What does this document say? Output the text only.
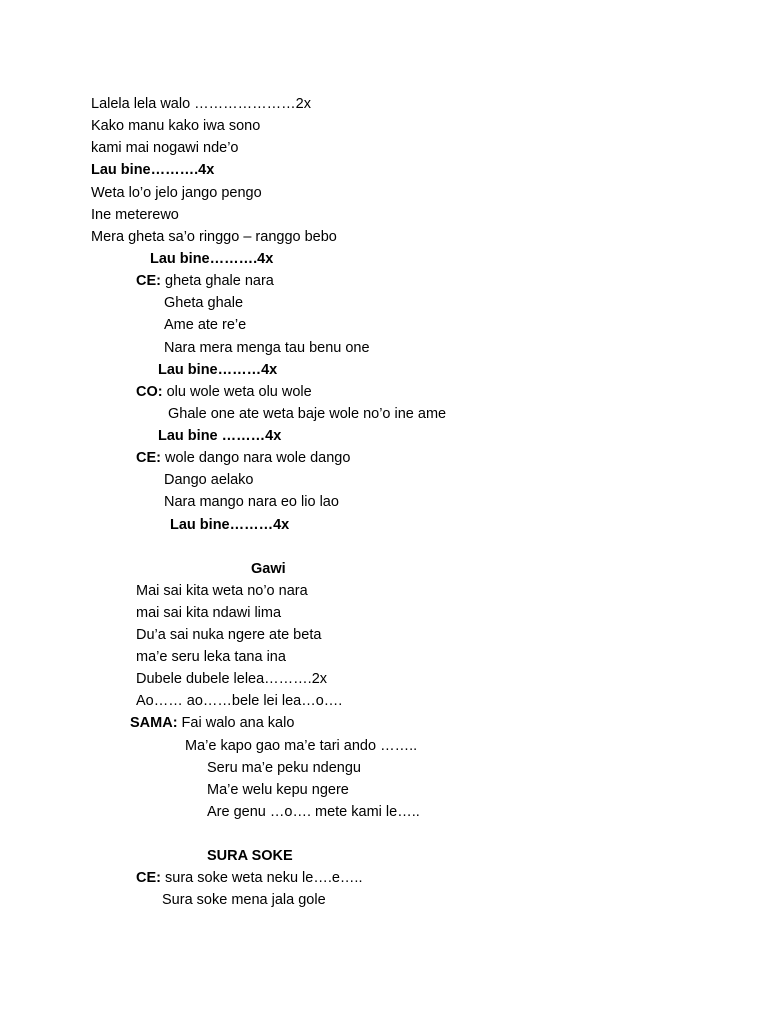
Lalela lela walo …………………2x

Kako manu kako iwa sono

kami mai nogawi nde’o

Lau bine……….4x

Weta lo’o jelo jango pengo

Ine meterewo

Mera gheta sa’o ringgo – ranggo bebo

Lau bine……….4x

CE: gheta ghale nara

Gheta ghale

Ame ate re’e

Nara mera menga tau benu one

Lau bine………4x

CO: olu wole weta olu wole

Ghale one ate weta baje wole no’o ine ame

Lau bine ………4x

CE: wole dango nara wole dango

Dango aelako

Nara mango nara eo lio lao

Lau bine………4x

Gawi

Mai sai kita weta no’o nara

mai sai kita ndawi lima

Du’a sai nuka ngere ate beta

ma’e seru leka tana ina

Dubele dubele lelea……….2x

Ao…… ao……bele lei lea…o….

SAMA: Fai walo ana kalo

Ma’e kapo gao ma’e tari ando ……..

Seru ma’e peku ndengu

Ma’e welu kepu ngere

Are genu …o…. mete kami le…..

SURA SOKE

CE: sura soke weta neku le….e…..

Sura soke mena jala gole
